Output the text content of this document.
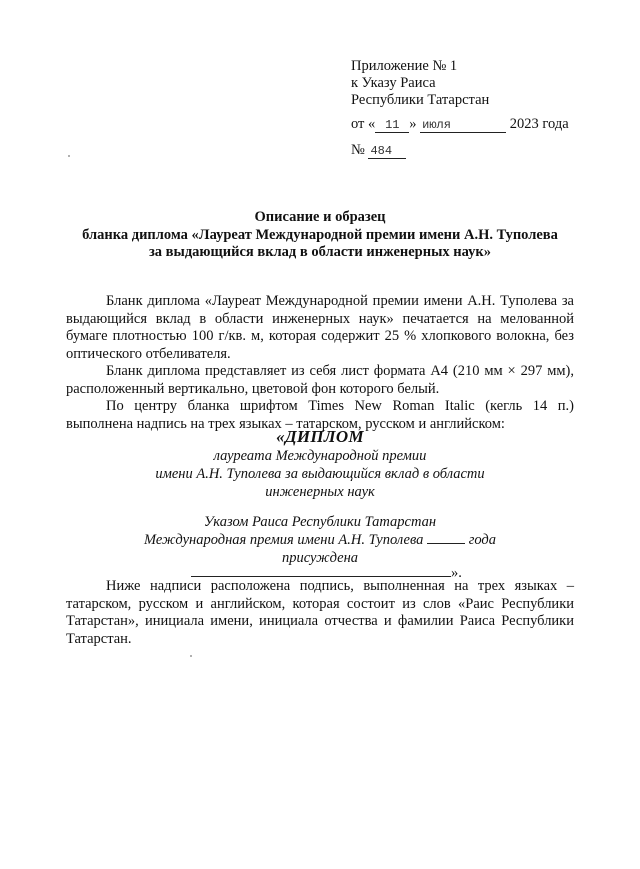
Приложение № 1
к Указу Раиса
Республики Татарстан
от « 11 » июля	2023 года
№ 484
Описание и образец
бланка диплома «Лауреат Международной премии имени А.Н. Туполева
за выдающийся вклад в области инженерных наук»

Бланк диплома «Лауреат Международной премии имени А.Н. Туполева за выдающийся вклад в области инженерных наук» печатается на мелованной бумаге плотностью 100 г/кв. м, которая содержит 25 % хлопкового волокна, без оптического отбеливателя.

Бланк диплома представляет из себя лист формата А4 (210 мм × 297 мм), расположенный вертикально, цветовой фон которого белый.

По центру бланка шрифтом Times New Roman Italic (кегль 14 п.) выполнена надпись на трех языках – татарском, русском и английском:

«ДИПЛОМ
лауреата Международной премии
имени А.Н. Туполева за выдающийся вклад в области
инженерных наук
Указом Раиса Республики Татарстан
Международная премия имени А.Н. Туполева	года
присуждена
».

Ниже надписи расположена подпись, выполненная на трех языках – татарском, русском и английском, которая состоит из слов «Раис Республики Татарстан», инициала имени, инициала отчества и фамилии Раиса Республики Татарстан.
